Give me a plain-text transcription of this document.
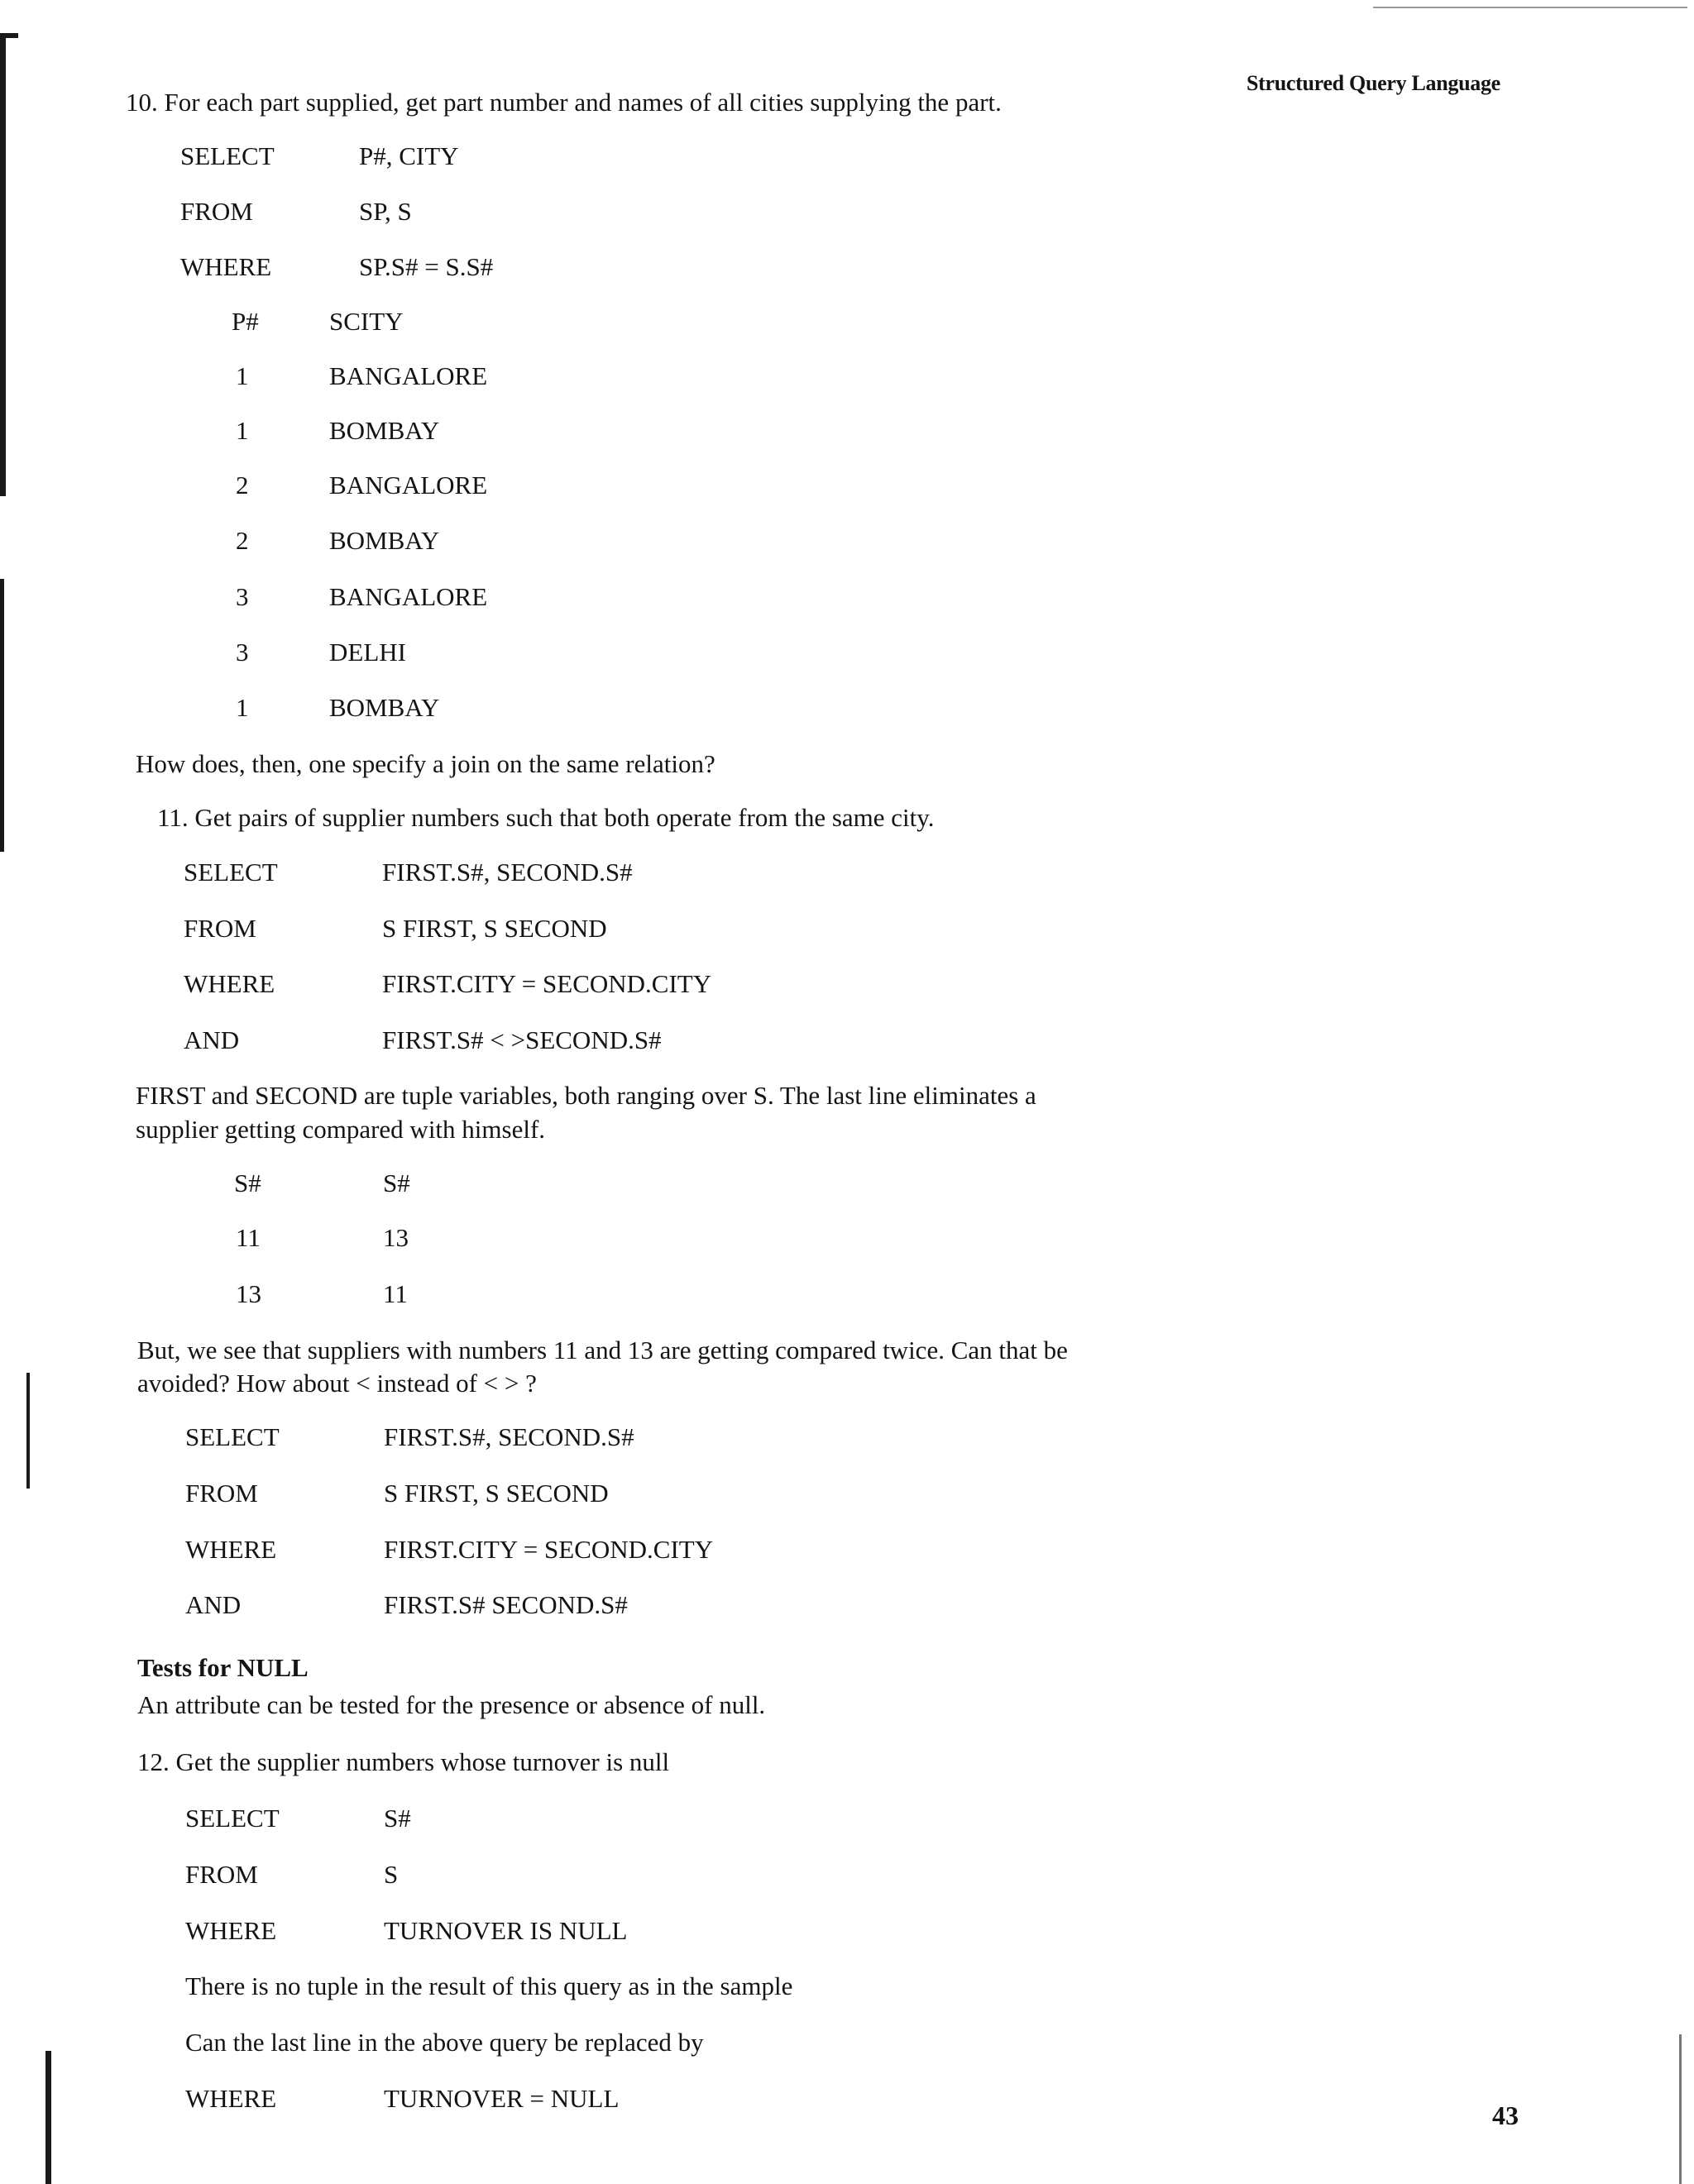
Structured Query Language
10. For each part supplied, get part number and names of all cities supplying the part.
SELECT	P#, CITY
FROM	SP, S
WHERE	SP.S# = S.S#
P#	SCITY
1	BANGALORE
1	BOMBAY
2	BANGALORE
2	BOMBAY
3	BANGALORE
3	DELHI
1	BOMBAY
How does, then, one specify a join on the same relation?
11. Get pairs of supplier numbers such that both operate from the same city.
SELECT	FIRST.S#, SECOND.S#
FROM	S FIRST, S SECOND
WHERE	FIRST.CITY = SECOND.CITY
AND	FIRST.S# < >SECOND.S#
FIRST and SECOND are tuple variables, both ranging over S. The last line eliminates a
supplier getting compared with himself.
S#	S#
11	13
13	11
But, we see that suppliers with numbers 11 and 13 are getting compared twice. Can that be
avoided? How about < instead of < > ?
SELECT	FIRST.S#, SECOND.S#
FROM	S FIRST, S SECOND
WHERE	FIRST.CITY = SECOND.CITY
AND	FIRST.S# SECOND.S#
Tests for NULL
An attribute can be tested for the presence or absence of null.
12. Get the supplier numbers whose turnover is null
SELECT	S#
FROM	S
WHERE	TURNOVER IS NULL
There is no tuple in the result of this query as in the sample
Can the last line in the above query be replaced by
WHERE	TURNOVER = NULL
43
